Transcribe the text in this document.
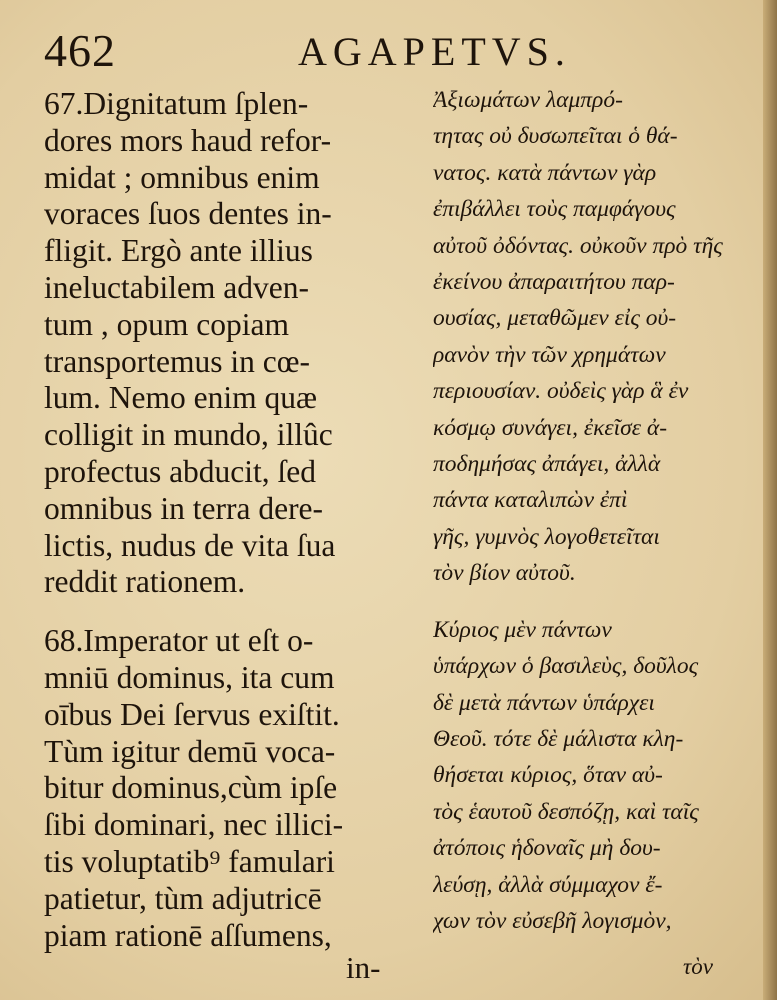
462	AGAPETVS.
67.Dignitatum ſplen-
dores mors haud refor-
midat ; omnibus enim
voraces ſuos dentes in-
fligit. Ergò ante illius
ineluctabilem adven-
tum , opum copiam
transportemus in cœ-
lum. Nemo enim quæ
colligit in mundo, illûc
profectus abducit, ſed
omnibus in terra dere-
lictis, nudus de vita ſua
reddit rationem.
68.Imperator ut eſt o-
mniū dominus, ita cum
oībus Dei ſervus exiſtit.
Tùm igitur demū voca-
bitur dominus,cùm ipſe
ſibi dominari, nec illici-
tis voluptatib⁹ famulari
patietur, tùm adjutricē
piam rationē aſſumens,
Ἀξιωμάτων λαμπρό-
τητας οὐ δυσωπεῖται ὁ θά-
νατος. κατὰ πάντων γὰρ
ἐπιβάλλει τοὺς παμφάγους
αὐτοῦ ὀδόντας. οὐκοῦν πρὸ τῆς
ἐκείνου ἀπαραιτήτου παρ-
ουσίας, μεταθῶμεν εἰς οὐ-
ρανὸν τὴν τῶν χρημάτων
περιουσίαν. οὐδεὶς γὰρ ἃ ἐν
κόσμῳ συνάγει, ἐκεῖσε ἀ-
ποδημήσας ἀπάγει, ἀλλὰ
πάντα καταλιπὼν ἐπὶ
γῆς, γυμνὸς λογοθετεῖται
τὸν βίον αὐτοῦ.
Κύριος μὲν πάντων
ὑπάρχων ὁ βασιλεὺς, δοῦλος
δὲ μετὰ πάντων ὑπάρχει
Θεοῦ. τότε δὲ μάλιστα κλη-
θήσεται κύριος, ὅταν αὐ-
τὸς ἑαυτοῦ δεσπόζῃ, καὶ ταῖς
ἀτόποις ἡδοναῖς μὴ δου-
λεύσῃ, ἀλλὰ σύμμαχον ἔ-
χων τὸν εὐσεβῆ λογισμὸν,
in-	τὸν
